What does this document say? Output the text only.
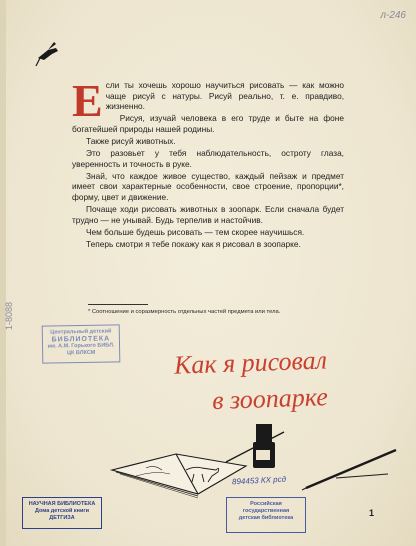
л-246
1-8088

Если ты хочешь хорошо научиться рисовать — как можно чаще рисуй с натуры. Рисуй реально, т. е. правдиво, жизненно.

Рисуя, изучай человека в его труде и быте на фоне богатейшей природы нашей родины.

Также рисуй животных.

Это разовьет у тебя наблюдательность, остроту глаза, уверенность и точность в руке.

Знай, что каждое живое существо, каждый пейзаж и предмет имеет свои характерные особенности, свое строение, пропорции*, форму, цвет и движение.

Почаще ходи рисовать животных в зоопарк. Если сначала будет трудно — не унывай. Будь терпелив и настойчив.

Чем больше будешь рисовать — тем скорее научишься.

Теперь смотри я тебе покажу как я рисовал в зоопарке.

* Соотношение и соразмерность отдельных частей предмета или тела.
Центральный детский
БИБЛИОТЕКА
им. А.М. Горького БИБЛ. ЦК ВЛКСМ	Как я рисовал
в зоопарке
894453 КХ рсд
НАУЧНАЯ БИБЛИОТЕКА
Дома детской книги
ДЕТГИЗА
Российская государственная
детская библиотека	1
